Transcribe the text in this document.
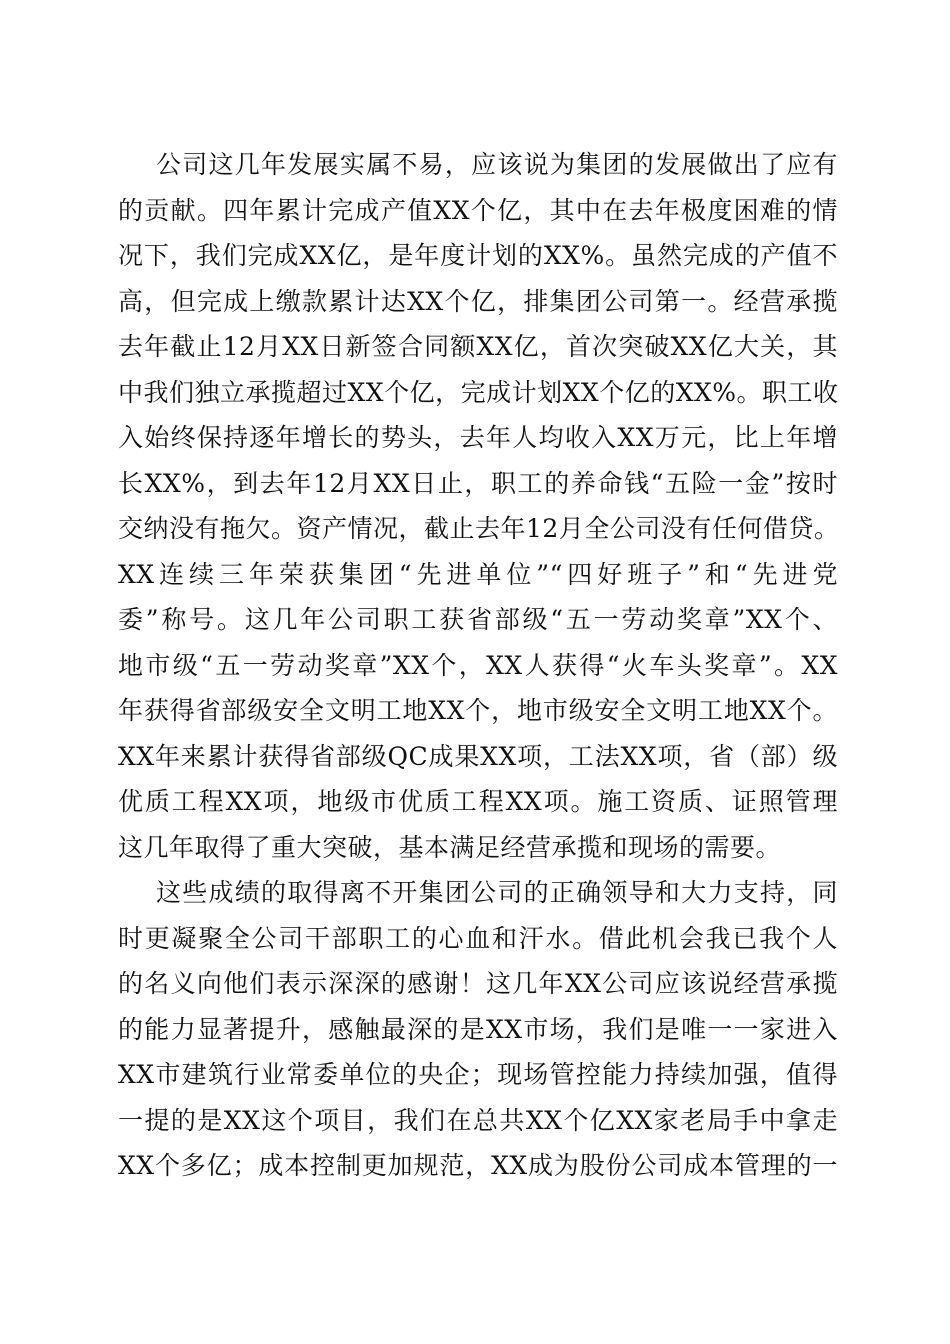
公司这几年发展实属不易，应该说为集团的发展做出了应有
的贡献。四年累计完成产值XX个亿，其中在去年极度困难的情
况下，我们完成XX亿，是年度计划的XX%。虽然完成的产值不
高，但完成上缴款累计达XX个亿，排集团公司第一。经营承揽
去年截止12月XX日新签合同额XX亿，首次突破XX亿大关，其
中我们独立承揽超过XX个亿，完成计划XX个亿的XX%。职工收
入始终保持逐年增长的势头，去年人均收入XX万元，比上年增
长XX%，到去年12月XX日止，职工的养命钱“五险一金”按时
交纳没有拖欠。资产情况，截止去年12月全公司没有任何借贷。
XX连续三年荣获集团“先进单位”“四好班子”和“先进党
委”称号。这几年公司职工获省部级“五一劳动奖章”XX个、
地市级“五一劳动奖章”XX个，XX人获得“火车头奖章”。XX
年获得省部级安全文明工地XX个，地市级安全文明工地XX个。
XX年来累计获得省部级QC成果XX项，工法XX项，省（部）级
优质工程XX项，地级市优质工程XX项。施工资质、证照管理
这几年取得了重大突破，基本满足经营承揽和现场的需要。
这些成绩的取得离不开集团公司的正确领导和大力支持，同
时更凝聚全公司干部职工的心血和汗水。借此机会我已我个人
的名义向他们表示深深的感谢！这几年XX公司应该说经营承揽
的能力显著提升，感触最深的是XX市场，我们是唯一一家进入
XX市建筑行业常委单位的央企；现场管控能力持续加强，值得
一提的是XX这个项目，我们在总共XX个亿XX家老局手中拿走
XX个多亿；成本控制更加规范，XX成为股份公司成本管理的一
